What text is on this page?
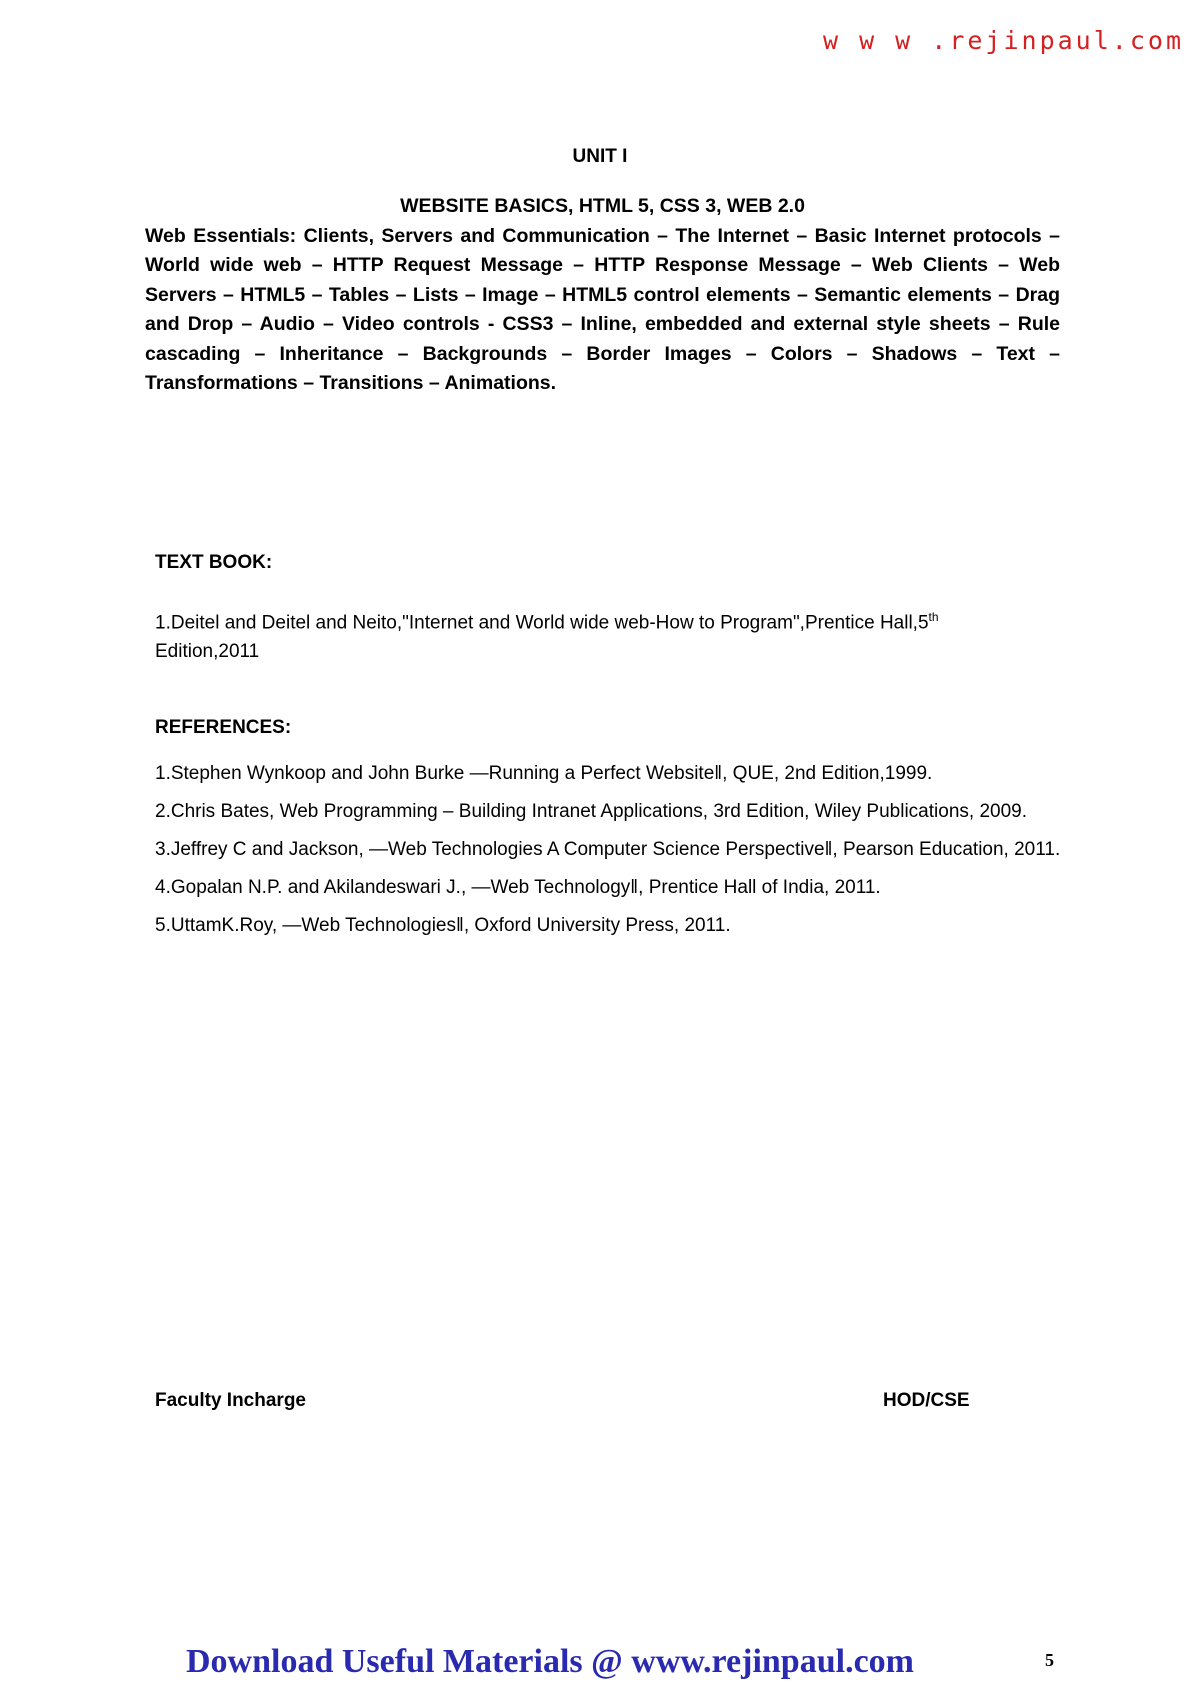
w w w .rejinpaul.com
UNIT I
WEBSITE BASICS, HTML 5, CSS 3, WEB 2.0
Web Essentials: Clients, Servers and Communication – The Internet – Basic Internet protocols – World wide web – HTTP Request Message – HTTP Response Message – Web Clients – Web Servers – HTML5 – Tables – Lists – Image – HTML5 control elements – Semantic elements – Drag and Drop – Audio – Video controls - CSS3 – Inline, embedded and external style sheets – Rule cascading – Inheritance – Backgrounds – Border Images – Colors – Shadows – Text – Transformations – Transitions – Animations.
TEXT BOOK:
1.Deitel and Deitel and Neito,"Internet and World wide web-How to Program",Prentice Hall,5th
Edition,2011
REFERENCES:
1.Stephen Wynkoop and John Burke ―Running a Perfect Website‖, QUE, 2nd Edition,1999.
2.Chris Bates, Web Programming – Building Intranet Applications, 3rd Edition, Wiley Publications, 2009.
3.Jeffrey C and Jackson, ―Web Technologies A Computer Science Perspective‖, Pearson Education, 2011.
4.Gopalan N.P. and Akilandeswari J., ―Web Technology‖, Prentice Hall of India, 2011.
5.UttamK.Roy, ―Web Technologies‖, Oxford University Press, 2011.
Faculty Incharge	HOD/CSE
Download Useful Materials @ www.rejinpaul.com	5
